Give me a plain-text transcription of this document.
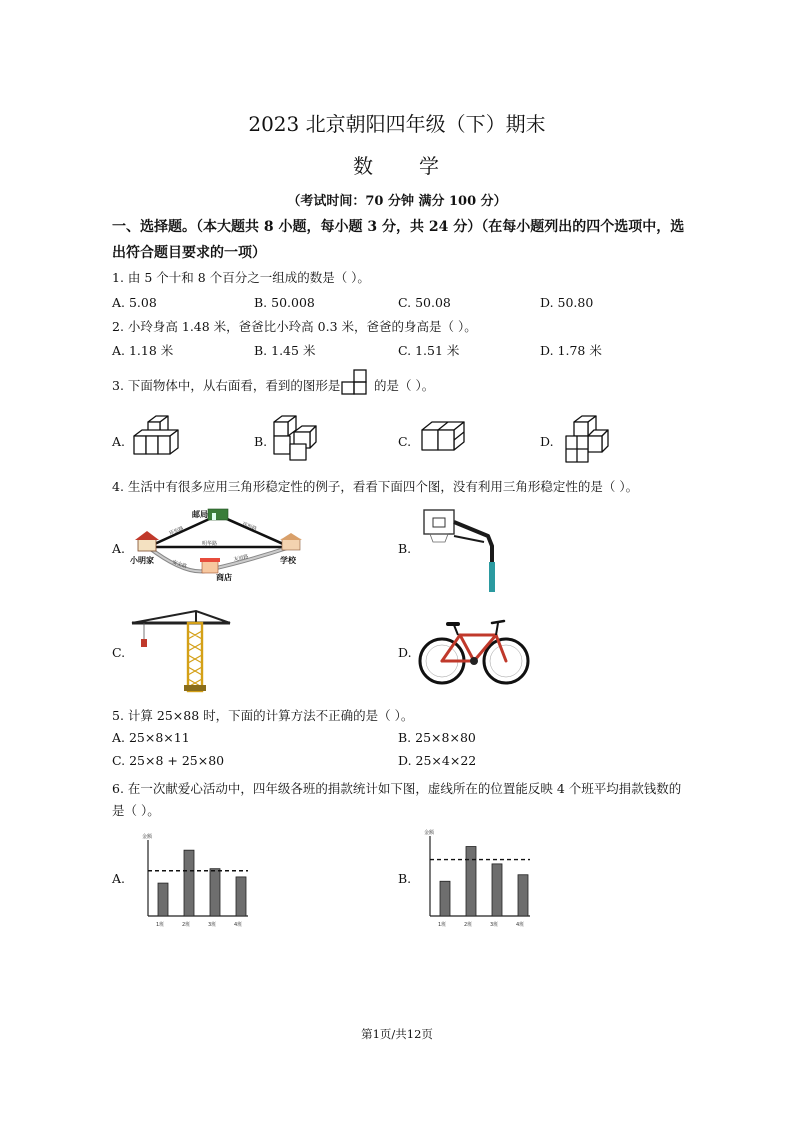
2023 北京朝阳四年级（下）期末
数 学
（考试时间：70 分钟 满分 100 分）
一、选择题。（本大题共 8 小题，每小题 3 分，共 24 分）（在每小题列出的四个选项中，选出符合题目要求的一项）
1. 由 5 个十和 8 个百分之一组成的数是（ ）。
A. 5.08	B. 50.008	C. 50.08	D. 50.80
2. 小玲身高 1.48 米，爸爸比小玲高 0.3 米，爸爸的身高是（ ）。
A. 1.18 米	B. 1.45 米	C. 1.51 米	D. 1.78 米
3. 下面物体中，从右面看，看到的图形是	的是（ ）。
A.	B.	C.	D.
4. 生活中有很多应用三角形稳定性的例子，看看下面四个图，没有利用三角形稳定性的是（ ）。
A.
邮局
小明家	学校
商店
环形路	环形路
明华路
安全路
友谊路
B.
C.	D.
5. 计算 25×88 时，下面的计算方法不正确的是（ ）。
A. 25×8×11	B. 25×8×80
C. 25×8 + 25×80	D. 25×4×22
6. 在一次献爱心活动中，四年级各班的捐款统计如下图，虚线所在的位置能反映 4 个班平均捐款钱数的是（ ）。
A.
金额
1班	2班	3班	4班
B.
金额
1班	2班	3班	4班
第1页/共12页
